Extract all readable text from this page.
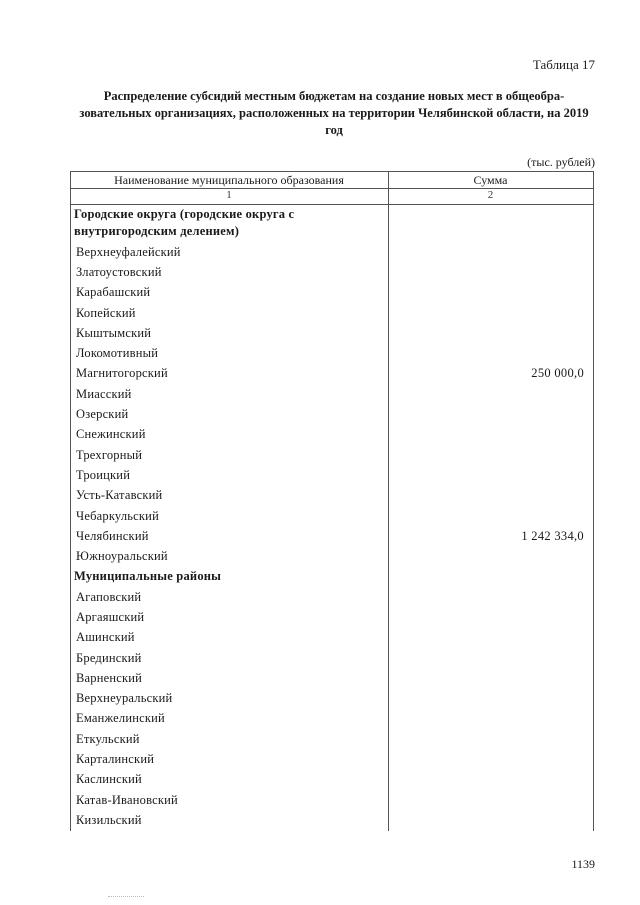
Таблица 17
Распределение субсидий местным бюджетам на создание новых мест в общеобра-зовательных организациях, расположенных на территории Челябинской области, на 2019 год
(тыс. рублей)
Наименование муниципального образования	Сумма
1	2
Городские округа (городские округа с внутригородским делением)
Верхнеуфалейский
Златоустовский
Карабашский
Копейский
Кыштымский
Локомотивный
Магнитогорский	250 000,0
Миасский
Озерский
Снежинский
Трехгорный
Троицкий
Усть-Катавский
Чебаркульский
Челябинский	1 242 334,0
Южноуральский
Муниципальные районы
Агаповский
Аргаяшский
Ашинский
Брединский
Варненский
Верхнеуральский
Еманжелинский
Еткульский
Карталинский
Каслинский
Катав-Ивановский
Кизильский
1139
